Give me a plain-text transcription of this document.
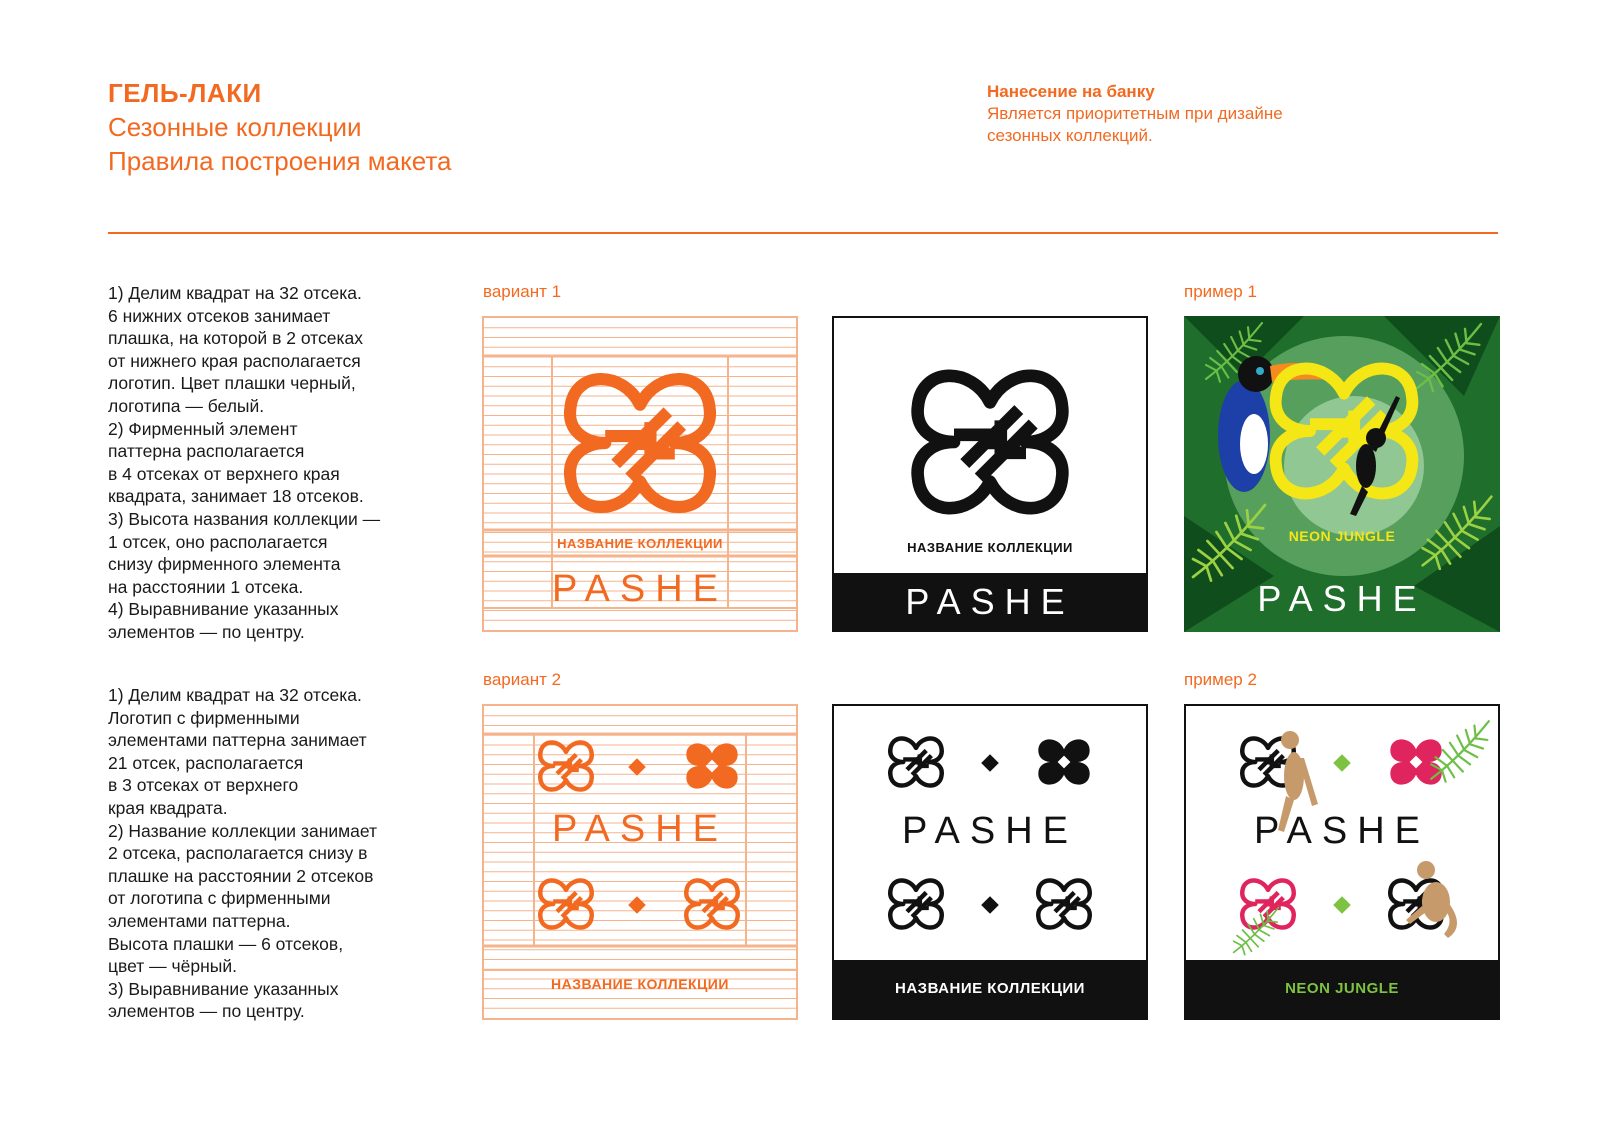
ГЕЛЬ-ЛАКИ
Сезонные коллекции
Правила построения макета
Нанесение на банку
Является приоритетным при дизайне
сезонных коллекций.

1) Делим квадрат на 32 отсека.

6 нижних отсеков занимает

плашка, на которой в 2 отсеках

от нижнего края располагается

логотип. Цвет плашки черный,

логотипа — белый.

2) Фирменный элемент

паттерна располагается

в 4 отсеках от верхнего края

квадрата, занимает 18 отсеков.

3) Высота названия коллекции —

1 отсек, оно располагается

снизу фирменного элемента

на расстоянии 1 отсека.

4) Выравнивание указанных

элементов — по центру.

1) Делим квадрат на 32 отсека.

Логотип с фирменными

элементами паттерна занимает

21 отсек, располагается

в 3 отсеках от верхнего

края квадрата.

2) Название коллекции занимает

2 отсека, располагается снизу в

плашке на расстоянии 2 отсеков

от логотипа с фирменными

элементами паттерна.

Высота плашки — 6 отсеков,

цвет — чёрный.

3) Выравнивание указанных

элементов — по центру.

вариант 1	пример 1
вариант 2	пример 2
НАЗВАНИЕ КОЛЛЕКЦИИ
PASHE
НАЗВАНИЕ КОЛЛЕКЦИИ
PASHE
NEON JUNGLE
PASHE
PASHE
НАЗВАНИЕ КОЛЛЕКЦИИ
PASHE
НАЗВАНИЕ КОЛЛЕКЦИИ
PASHE
NEON JUNGLE
